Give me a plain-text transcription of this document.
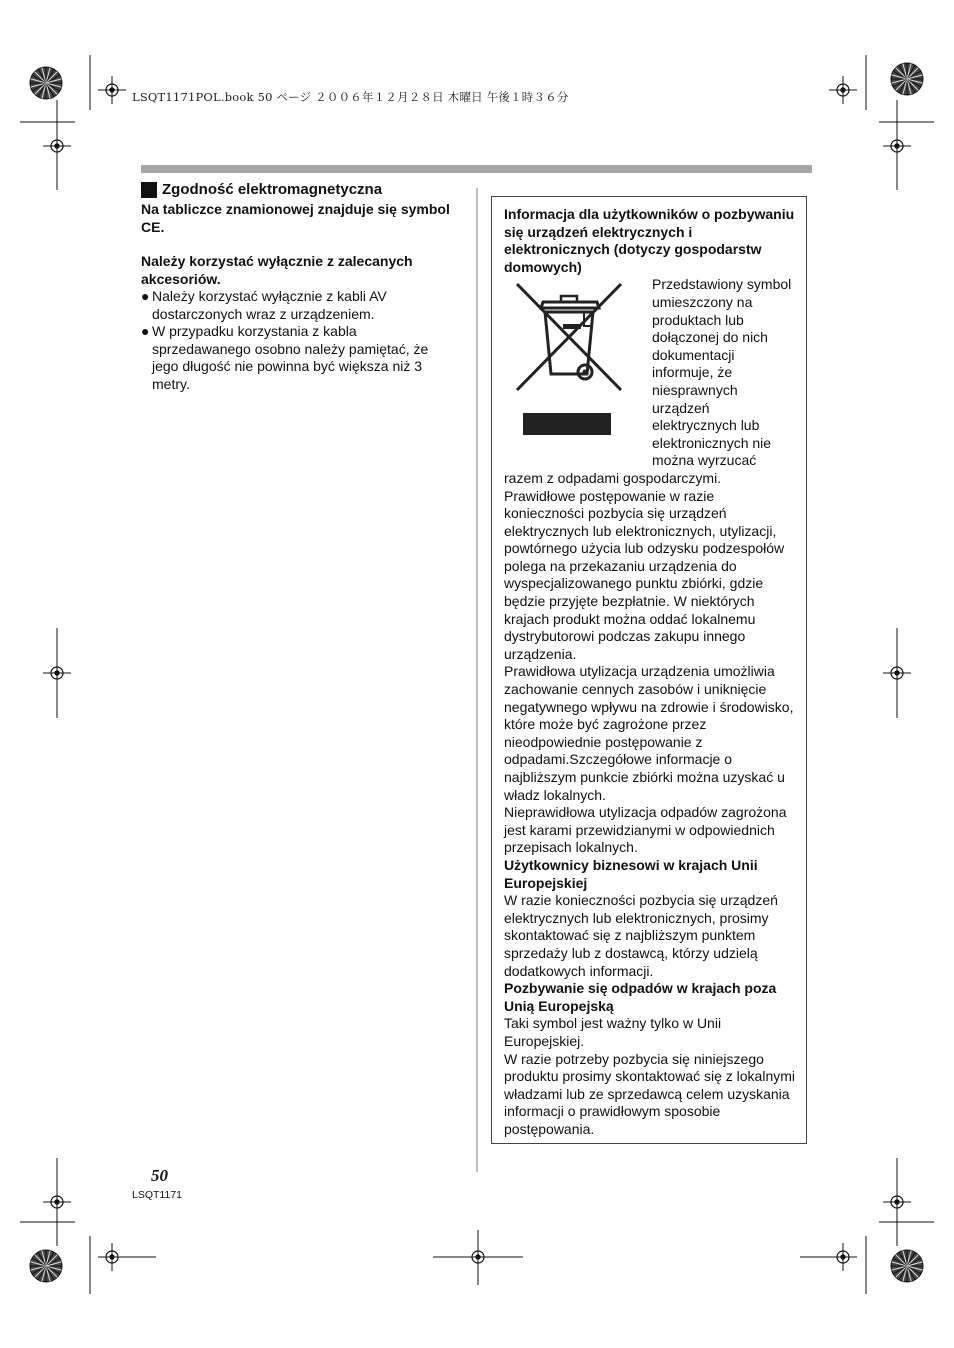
LSQT1171POL.book 50 ページ ２００６年１２月２８日 木曜日 午後１時３６分
Zgodność elektromagnetyczna

Na tabliczce znamionowej znajduje się symbol CE.

Należy korzystać wyłącznie z zalecanych akcesoriów.

● Należy korzystać wyłącznie z kabli AV dostarczonych wraz z urządzeniem.
● W przypadku korzystania z kabla sprzedawanego osobno należy pamiętać, że jego długość nie powinna być większa niż 3 metry.

Informacja dla użytkowników o pozbywaniu się urządzeń elektrycznych i elektronicznych (dotyczy gospodarstw domowych)

Przedstawiony symbol umieszczony na produktach lub dołączonej do nich dokumentacji informuje, że niesprawnych urządzeń elektrycznych lub elektronicznych nie można wyrzucać razem z odpadami gospodarczymi.

Prawidłowe postępowanie w razie konieczności pozbycia się urządzeń elektrycznych lub elektronicznych, utylizacji, powtórnego użycia lub odzysku podzespołów polega na przekazaniu urządzenia do wyspecjalizowanego punktu zbiórki, gdzie będzie przyjęte bezpłatnie. W niektórych krajach produkt można oddać lokalnemu dystrybutorowi podczas zakupu innego urządzenia.

Prawidłowa utylizacja urządzenia umożliwia zachowanie cennych zasobów i uniknięcie negatywnego wpływu na zdrowie i środowisko, które może być zagrożone przez nieodpowiednie postępowanie z odpadami.Szczegółowe informacje o najbliższym punkcie zbiórki można uzyskać u władz lokalnych.

Nieprawidłowa utylizacja odpadów zagrożona jest karami przewidzianymi w odpowiednich przepisach lokalnych.

Użytkownicy biznesowi w krajach Unii Europejskiej

W razie konieczności pozbycia się urządzeń elektrycznych lub elektronicznych, prosimy skontaktować się z najbliższym punktem sprzedaży lub z dostawcą, którzy udzielą dodatkowych informacji.

Pozbywanie się odpadów w krajach poza Unią Europejską

Taki symbol jest ważny tylko w Unii Europejskiej.

W razie potrzeby pozbycia się niniejszego produktu prosimy skontaktować się z lokalnymi władzami lub ze sprzedawcą celem uzyskania informacji o prawidłowym sposobie postępowania.

50
LSQT1171
